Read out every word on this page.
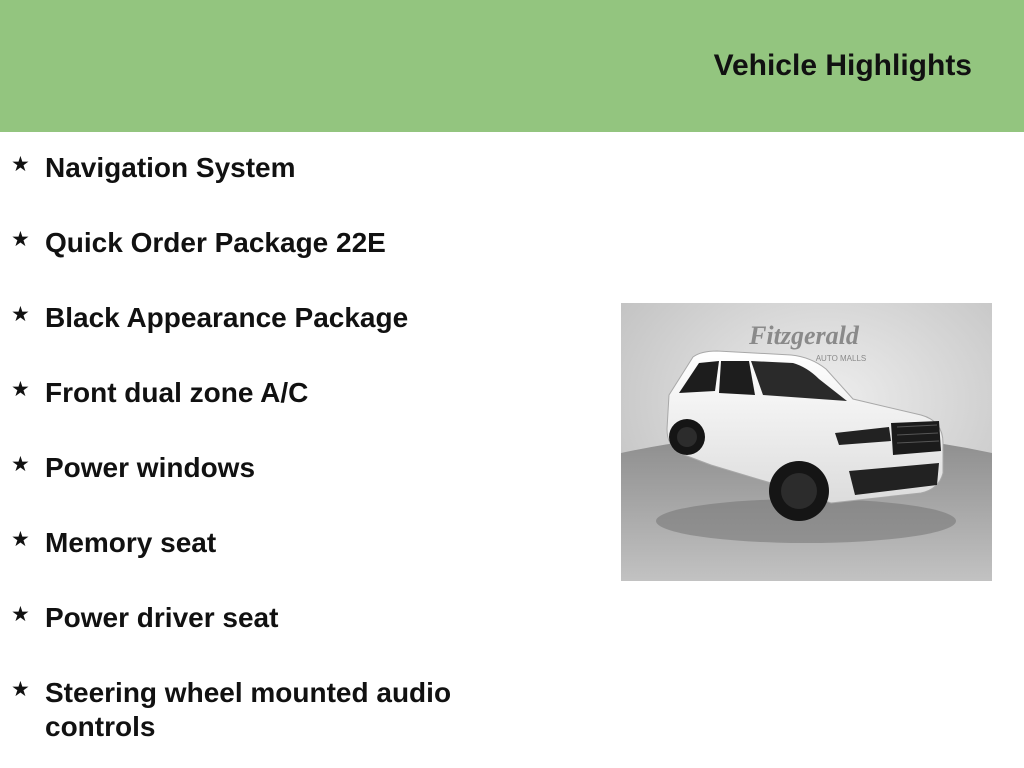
Vehicle Highlights
★ Navigation System
★ Quick Order Package 22E
★ Black Appearance Package
★ Front dual zone A/C
★ Power windows
★ Memory seat
★ Power driver seat
★ Steering wheel mounted audio controls
Fitzgerald
AUTO MALLS
